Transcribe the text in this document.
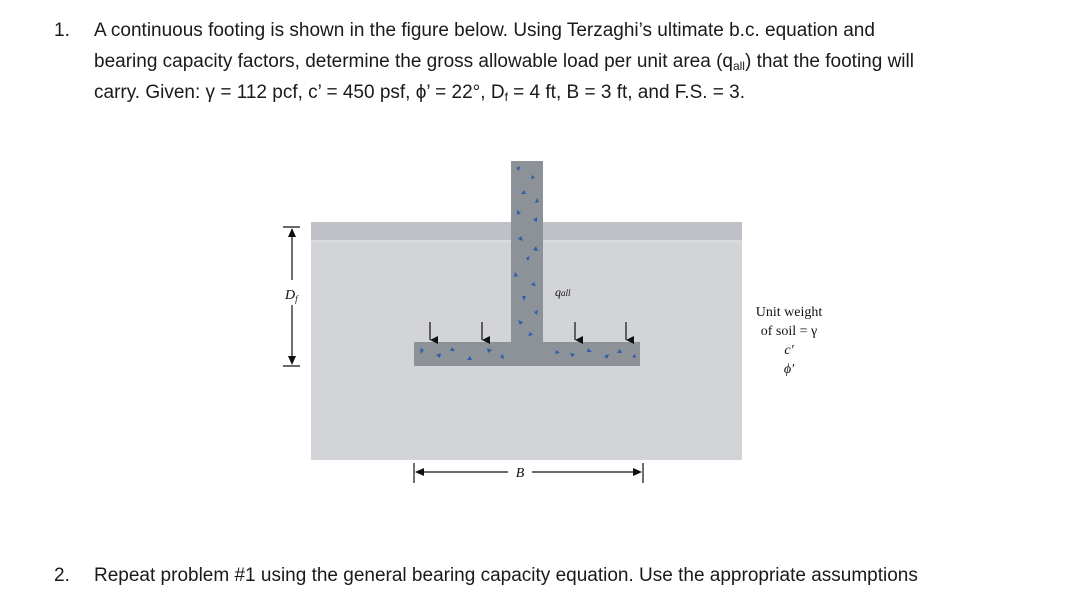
1.	A continuous footing is shown in the figure below. Using Terzaghi’s ultimate b.c. equation and
bearing capacity factors, determine the gross allowable load per unit area $(q_{all})$ that the footing will
carry. Given: γ = 112 pcf, c’ = 450 psf, ϕ’ = 22°, $D_f = 4$ ft, B = 3 ft, and F.S. = 3.
$D_f$	qall
B
Unit weight
of soil = γ
c′
ϕ′
2.	Repeat problem #1 using the general bearing capacity equation. Use the appropriate assumptions
